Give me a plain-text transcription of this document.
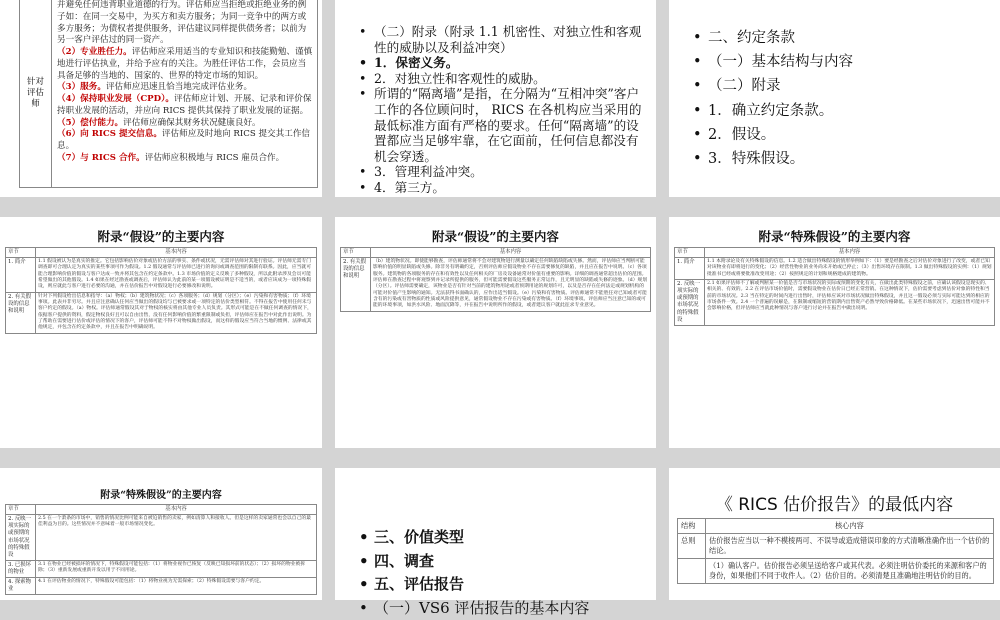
针对评估师

并避免任何违背职业道德的行为。评估师应当拒绝或拒绝业务的例子如：在同一交易中，为买方和卖方服务；为同一竞争中的两方或多方服务；为债权者提供服务，评估建议同样提供债务者；以前为另一客户评估过的同一资产。

（2）专业胜任力。评估师应采用适当的专业知识和技能勤勉、谨慎地进行评估执业，并给予应有的关注。为胜任评估工作，会员应当具备足够的当地的、国家的、世界的特定市场的知识。

（3）服务。评估师应迅速且恰当地完成评估业务。

（4）保持职业发展（CPD）。评估师应计划、开展、记录和评价保持职业发展的活动，并应向 RICS 提供其保持了职业发展的证据。

（5）偿付能力。评估师应确保其财务状况健康良好。

（6）向 RICS 提交信息。评估师应及时地向 RICS 提交其工作信息。

（7）与 RICS 合作。评估师应积极地与 RICS 雇员合作。

• （二）附录（附录 1.1 机密性、对独立性和客观性的威胁以及利益冲突）
• 1．保密义务。
• 2．对独立性和客观性的威胁。
• 所谓的“隔离墙”是指，在分隔为“互相冲突”客户工作的各位顾问时， RICS 在各机构应当采用的最低标准方面有严格的要求。任何“隔离墙”的设置都应当足够牢靠，在它面前，任何信息都没有机会穿透。
• 3．管理利益冲突。
• 4．第三方。
• 二、约定条款
• （一）基本结构与内容
• （二）附录
• 1．确立约定条款。
• 2．假设。
• 3．特殊假设。
附录“假设”的主要内容
章节	基本内容
1. 简介	1.1 假设被认为是真实的推定。它包括影响估价对象或估价方法的事实、条件或状况，无需评估师对其进行验证。评估师无需专门调查即可合理认定为真实的某些事项可作为假设。1.2 假设通常与评估师已进行的询问或调查范围的限制有联系。因此，应当就可能合理影响价值的假设与客户达成一致并将其包含在约定条款中。1.3 市场价值的定义反映了多种假设，所以此附录涉及会员可能希望做出的其他假设。1.4 如果在经过勘查或调查后，评估师认为此前的某一项假设被证明是不适当的，或者应该成为一项特殊假设，则应就此与客户进行必要的沟通，并在估价报告中对假设进行必要修改和说明。
2. 有关假设的信息和说明	针对下列假设给出信息和指导：（a）物权；（b）建筑物状况；（c）各项服务；（d）规划（分区）；（e）污染和有害物质；（f）环境事项。此表并非穷尽。并且应注意确认任何应当做出的假设均与已被要求或一项特定的估价类型相符。不得在报告中使用任何未与客户约定的假设。（a）物权。评估师通常假设其对于物权的核实将由其他专业人员负责。其形式可能是在不做任何调查的情况下，依据客户提供的资料，假定物权良好且可以自由出售，没有任何影响价值的繁重限制或负担，评估师应在报告中对此作出说明。为了帮助在需要进行估价或评估的情况下的客户，评估师可能不得不对物权做出假设，而这样的假设应当符合当地的惯例、法律或其他规定，并包含在约定条款中，并且在报告中明确说明。
附录“假设”的主要内容
章节	基本内容
2. 有关假设的信息和说明	（b）建筑物状况。即使能够勘查，评估师通常将不会对建筑物进行测量以确定任何缺陷缺陷或失修。然而，评估师应当判断可能影响价值的明显缺陷或失修。除非另有明确约定，否则评估师应假设物业不存在需要修复的缺陷，并且应在报告中说明。（c）各项服务。建筑物的各项服务的存在和有效性以及任何相关的厂房及设备通常对价值有重要的影响。详细的调查通常超出估价的范围。评估师在勘查过程中将观察到并记录所提供的服务，但可能需要假设这些服务正常运作，且无明显的缺陷或失修的迹象。（d）规划（分区）。评估师需要确定，该物业是否有针对当前的建筑物用途或者预期用途的规划许可，以及是否存在任何法定或规划机构的可能对价值产生影响的通知。无法获得书面确认的，应作出适当假设。（e）污染和有害物质。评估师通常不能胜任对已知或者可能含有的污染或有害物质的性质或风险提供意见，通常假设物业不存在污染或有害物质。（f）环境事项。评估师应当注意已知的或可能的环境事项，如洪水风险、地面沉降等，并在报告中说明所作的假设，或者建议客户就此征求专业意见。
附录“特殊假设”的主要内容
章节	基本内容
1. 简介	1.1 本附录论及有关特殊假设的信息。1.2 适合做出特殊假设的情形举例如下：（1）要是经勘查之后对估价对象进行了改变，或者已知对该物业有即将进行的变化；（2）经营性物业的业务尚未开始或已停止；（3）出售环境存在限制。1.3 做出特殊假设的实例：（1）规划批准书已经或将要批准改变用途；（2）按照规定的计划和规格建成的建筑物。
2. 反映一项实际的或预期的市场状况的特殊假设	2.1 如果评估师不了解或判断某一价值是否与市场状况的实际或预期的变化有关，在做出此类特殊假设之前，应确认该假设是现实的、相关的、有效的。2.2 在评估市场价值时，需要假设物业在估价日已经正常营销。在这种情况下，估价需要考虑到估价对象的特性和当前的市场状况。2.3 当在特定的时间内进行出售时，评估师应该对市场状况做出特殊假设，并且这一假设必须与实际可能达到的相应的市场条件一致。2.4 一个普遍的误解是，在限制或缩短的营销期内出售资产必然导致价格降低。在某些市场状况下，迅速出售可能并不会影响价格，但评估师应当就此种情况与客户进行讨论并在报告中做出说明。
附录“特殊假设”的主要内容
章节	基本内容
2. 反映一项实际的或预期的市场状况的特殊假设	2.5 在一个萧条的市场中，销售的情况比例可能来自被迫销售的卖家，例如清算人和接收人。但是这样的卖家通常也会以自己的最佳利益为目的。这些情况并不意味着一般市场情况变化。
3. 已损坏的物业	3.1 在物业已经被损坏的情况下，特殊假设可能包括：（1）将物业视作已恢复（反映已知损坏前的状态）；（2）损坏的物业被拆除；（3）重新发展或重新开发以用于不同用途。
4. 探索物业	4.1 在评估物业的情况下，特殊假设可能包括：（1）将物业视为无需探索；（2）特殊假设需要与客户约定。
• 三、价值类型
• 四、调查
• 五、评估报告
• （一）VS6 评估报告的基本内容
《 RICS 估价报告》的最低内容
结构	核心内容
总则	估价报告应当以一种不模棱两可、不误导或造成错误印象的方式清晰准确作出一个估价的结论。
	（1）确认客户。估价报告必须呈送给客户或其代表。必须注明估价委托的来源和客户的身份，如果他们不同于收件人。（2）估价目的。必须清楚且准确地注明估价的目的。
